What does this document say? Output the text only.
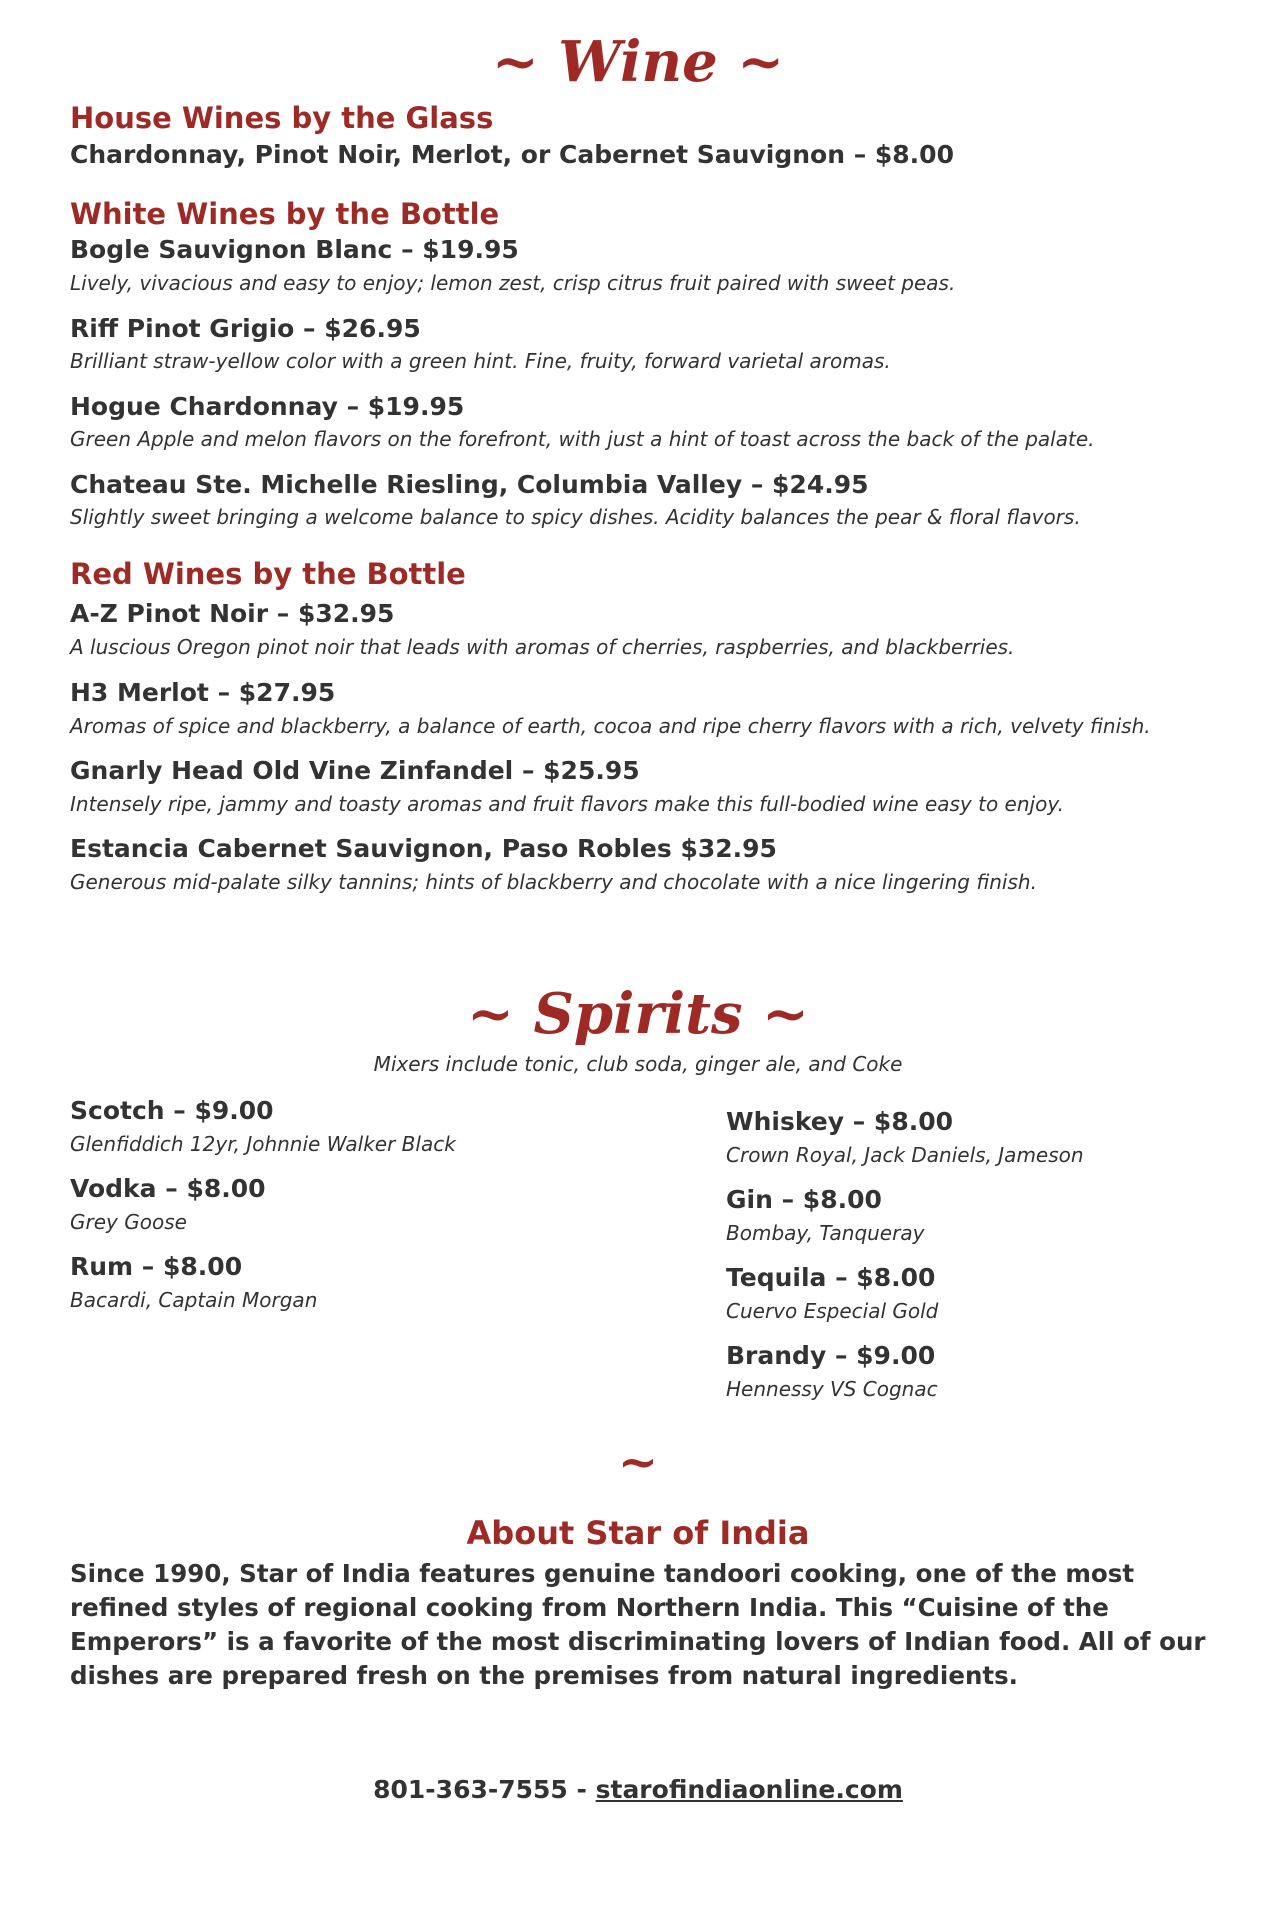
~ Wine ~
House Wines by the Glass
Chardonnay, Pinot Noir, Merlot, or Cabernet Sauvignon – $8.00
White Wines by the Bottle
Bogle Sauvignon Blanc – $19.95
Lively, vivacious and easy to enjoy; lemon zest, crisp citrus fruit paired with sweet peas.
Riff Pinot Grigio – $26.95
Brilliant straw-yellow color with a green hint. Fine, fruity, forward varietal aromas.
Hogue Chardonnay – $19.95
Green Apple and melon flavors on the forefront, with just a hint of toast across the back of the palate.
Chateau Ste. Michelle Riesling, Columbia Valley – $24.95
Slightly sweet bringing a welcome balance to spicy dishes. Acidity balances the pear & floral flavors.
Red Wines by the Bottle
A-Z Pinot Noir – $32.95
A luscious Oregon pinot noir that leads with aromas of cherries, raspberries, and blackberries.
H3 Merlot – $27.95
Aromas of spice and blackberry, a balance of earth, cocoa and ripe cherry flavors with a rich, velvety finish.
Gnarly Head Old Vine Zinfandel – $25.95
Intensely ripe, jammy and toasty aromas and fruit flavors make this full-bodied wine easy to enjoy.
Estancia Cabernet Sauvignon, Paso Robles $32.95
Generous mid-palate silky tannins; hints of blackberry and chocolate with a nice lingering finish.
~ Spirits ~
Mixers include tonic, club soda, ginger ale, and Coke
Scotch – $9.00
Glenfiddich 12yr, Johnnie Walker Black
Vodka – $8.00
Grey Goose
Rum – $8.00
Bacardi, Captain Morgan
Whiskey – $8.00
Crown Royal, Jack Daniels, Jameson
Gin – $8.00
Bombay, Tanqueray
Tequila – $8.00
Cuervo Especial Gold
Brandy – $9.00
Hennessy VS Cognac
~
About Star of India
Since 1990, Star of India features genuine tandoori cooking, one of the most refined styles of regional cooking from Northern India. This “Cuisine of the Emperors” is a favorite of the most discriminating lovers of Indian food. All of our dishes are prepared fresh on the premises from natural ingredients.
801-363-7555 - starofindiaonline.com
